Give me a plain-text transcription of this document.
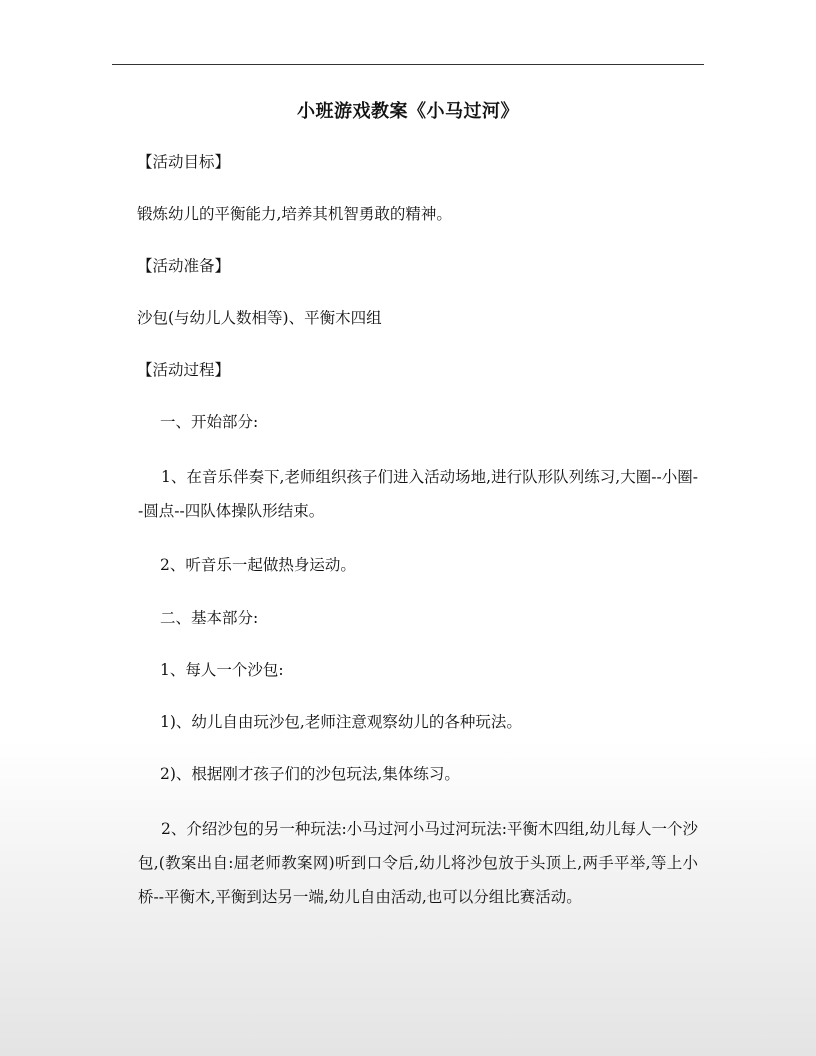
小班游戏教案《小马过河》
【活动目标】
锻炼幼儿的平衡能力,培养其机智勇敢的精神。
【活动准备】
沙包(与幼儿人数相等)、平衡木四组
【活动过程】
一、开始部分:
1、在音乐伴奏下,老师组织孩子们进入活动场地,进行队形队列练习,大圈--小圈--圆点--四队体操队形结束。
2、听音乐一起做热身运动。
二、基本部分:
1、每人一个沙包:
1)、幼儿自由玩沙包,老师注意观察幼儿的各种玩法。
2)、根据刚才孩子们的沙包玩法,集体练习。
2、介绍沙包的另一种玩法:小马过河小马过河玩法:平衡木四组,幼儿每人一个沙包,(教案出自:屈老师教案网)听到口令后,幼儿将沙包放于头顶上,两手平举,等上小桥--平衡木,平衡到达另一端,幼儿自由活动,也可以分组比赛活动。
